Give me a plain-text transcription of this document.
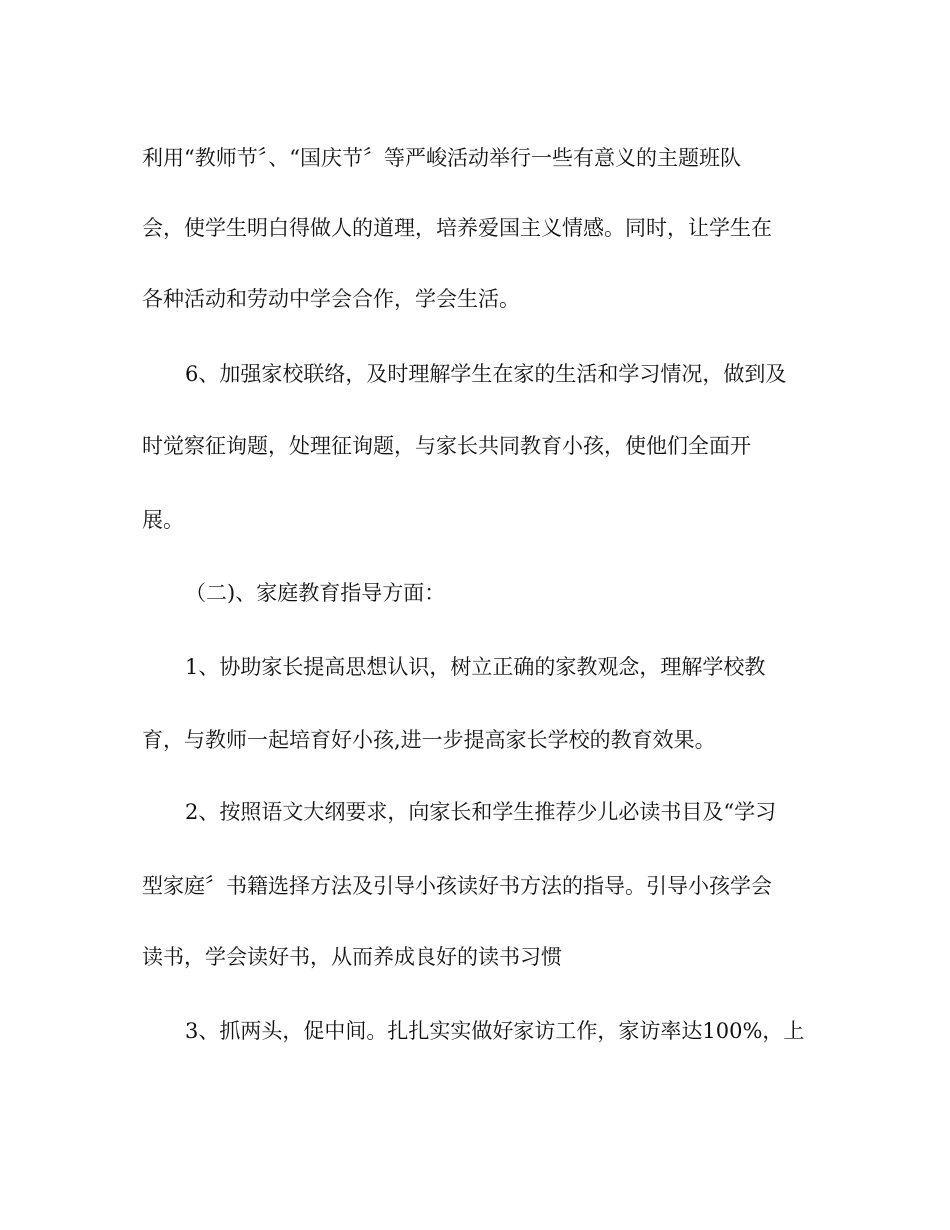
利用“教师节〞、“国庆节〞等严峻活动举行一些有意义的主题班队
会，使学生明白得做人的道理，培养爱国主义情感。同时，让学生在
各种活动和劳动中学会合作，学会生活。
6、加强家校联络，及时理解学生在家的生活和学习情况，做到及
时觉察征询题，处理征询题，与家长共同教育小孩，使他们全面开
展。
（二)、家庭教育指导方面：
1、协助家长提高思想认识，树立正确的家教观念，理解学校教
育，与教师一起培育好小孩,进一步提高家长学校的教育效果。
2、按照语文大纲要求，向家长和学生推荐少儿必读书目及“学习
型家庭〞书籍选择方法及引导小孩读好书方法的指导。引导小孩学会
读书，学会读好书，从而养成良好的读书习惯
3、抓两头，促中间。扎扎实实做好家访工作，家访率达100%，上
